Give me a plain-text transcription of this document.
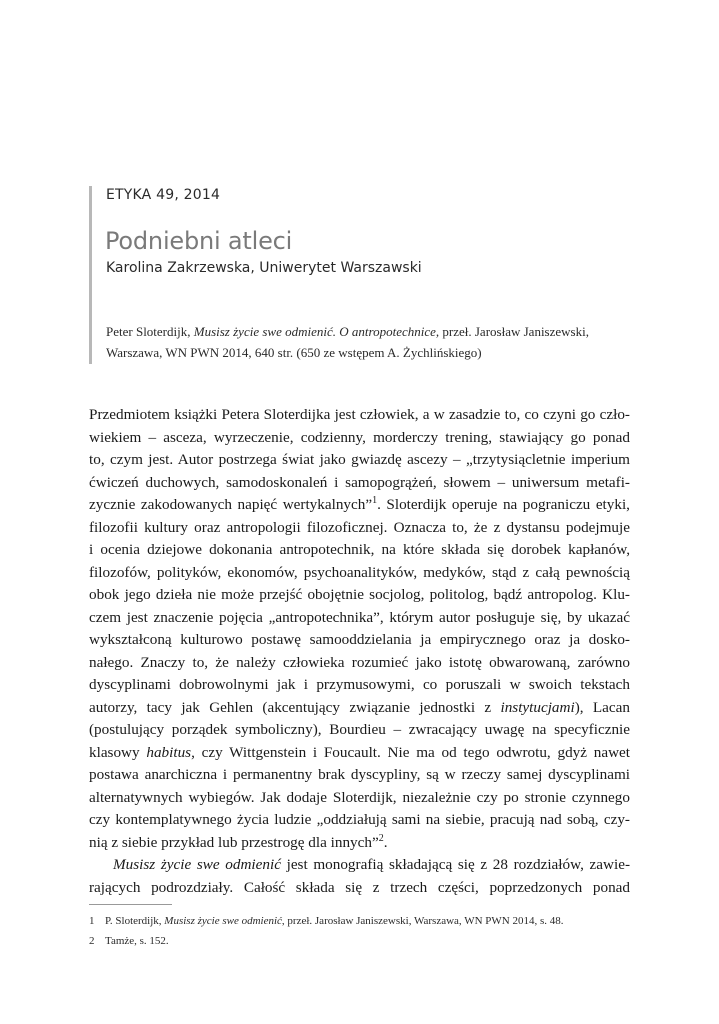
ETYKA 49, 2014
Podniebni atleci
Karolina Zakrzewska, Uniwerytet Warszawski

Peter Sloterdijk, Musisz życie swe odmienić. O antropotechnice, przeł. Jarosław Janiszewski,
Warszawa, WN PWN 2014, 640 str. (650 ze wstępem A. Żychlińskiego)

Przedmiotem książki Petera Sloterdijka jest człowiek, a w zasadzie to, co czyni go czło-
wiekiem – asceza, wyrzeczenie, codzienny, morderczy trening, stawiający go ponad
to, czym jest. Autor postrzega świat jako gwiazdę ascezy – „trzytysiącletnie imperium
ćwiczeń duchowych, samodoskonaleń i samopogrążeń, słowem – uniwersum metafi-
zycznie zakodowanych napięć wertykalnych”$^1$. Sloterdijk operuje na pograniczu etyki,
filozofii kultury oraz antropologii filozoficznej. Oznacza to, że z dystansu podejmuje
i ocenia dziejowe dokonania antropotechnik, na które składa się dorobek kapłanów,
filozofów, polityków, ekonomów, psychoanalityków, medyków, stąd z całą pewnością
obok jego dzieła nie może przejść obojętnie socjolog, politolog, bądź antropolog. Klu-
czem jest znaczenie pojęcia „antropotechnika”, którym autor posługuje się, by ukazać
wykształconą kulturowo postawę samooddzielania ja empirycznego oraz ja dosko-
nałego. Znaczy to, że należy człowieka rozumieć jako istotę obwarowaną, zarówno
dyscyplinami dobrowolnymi jak i przymusowymi, co poruszali w swoich tekstach
autorzy, tacy jak Gehlen (akcentujący związanie jednostki z instytucjami), Lacan
(postulujący porządek symboliczny), Bourdieu – zwracający uwagę na specyficznie
klasowy habitus, czy Wittgenstein i Foucault. Nie ma od tego odwrotu, gdyż nawet
postawa anarchiczna i permanentny brak dyscypliny, są w rzeczy samej dyscyplinami
alternatywnych wybiegów. Jak dodaje Sloterdijk, niezależnie czy po stronie czynnego
czy kontemplatywnego życia ludzie „oddziałują sami na siebie, pracują nad sobą, czy-
nią z siebie przykład lub przestrogę dla innych”$^2$.
Musisz życie swe odmienić jest monografią składającą się z 28 rozdziałów, zawie-
rających podrozdziały. Całość składa się z trzech części, poprzedzonych ponad
1 P. Sloterdijk, Musisz życie swe odmienić, przeł. Jarosław Janiszewski, Warszawa, WN PWN 2014, s. 48.
2 Tamże, s. 152.
